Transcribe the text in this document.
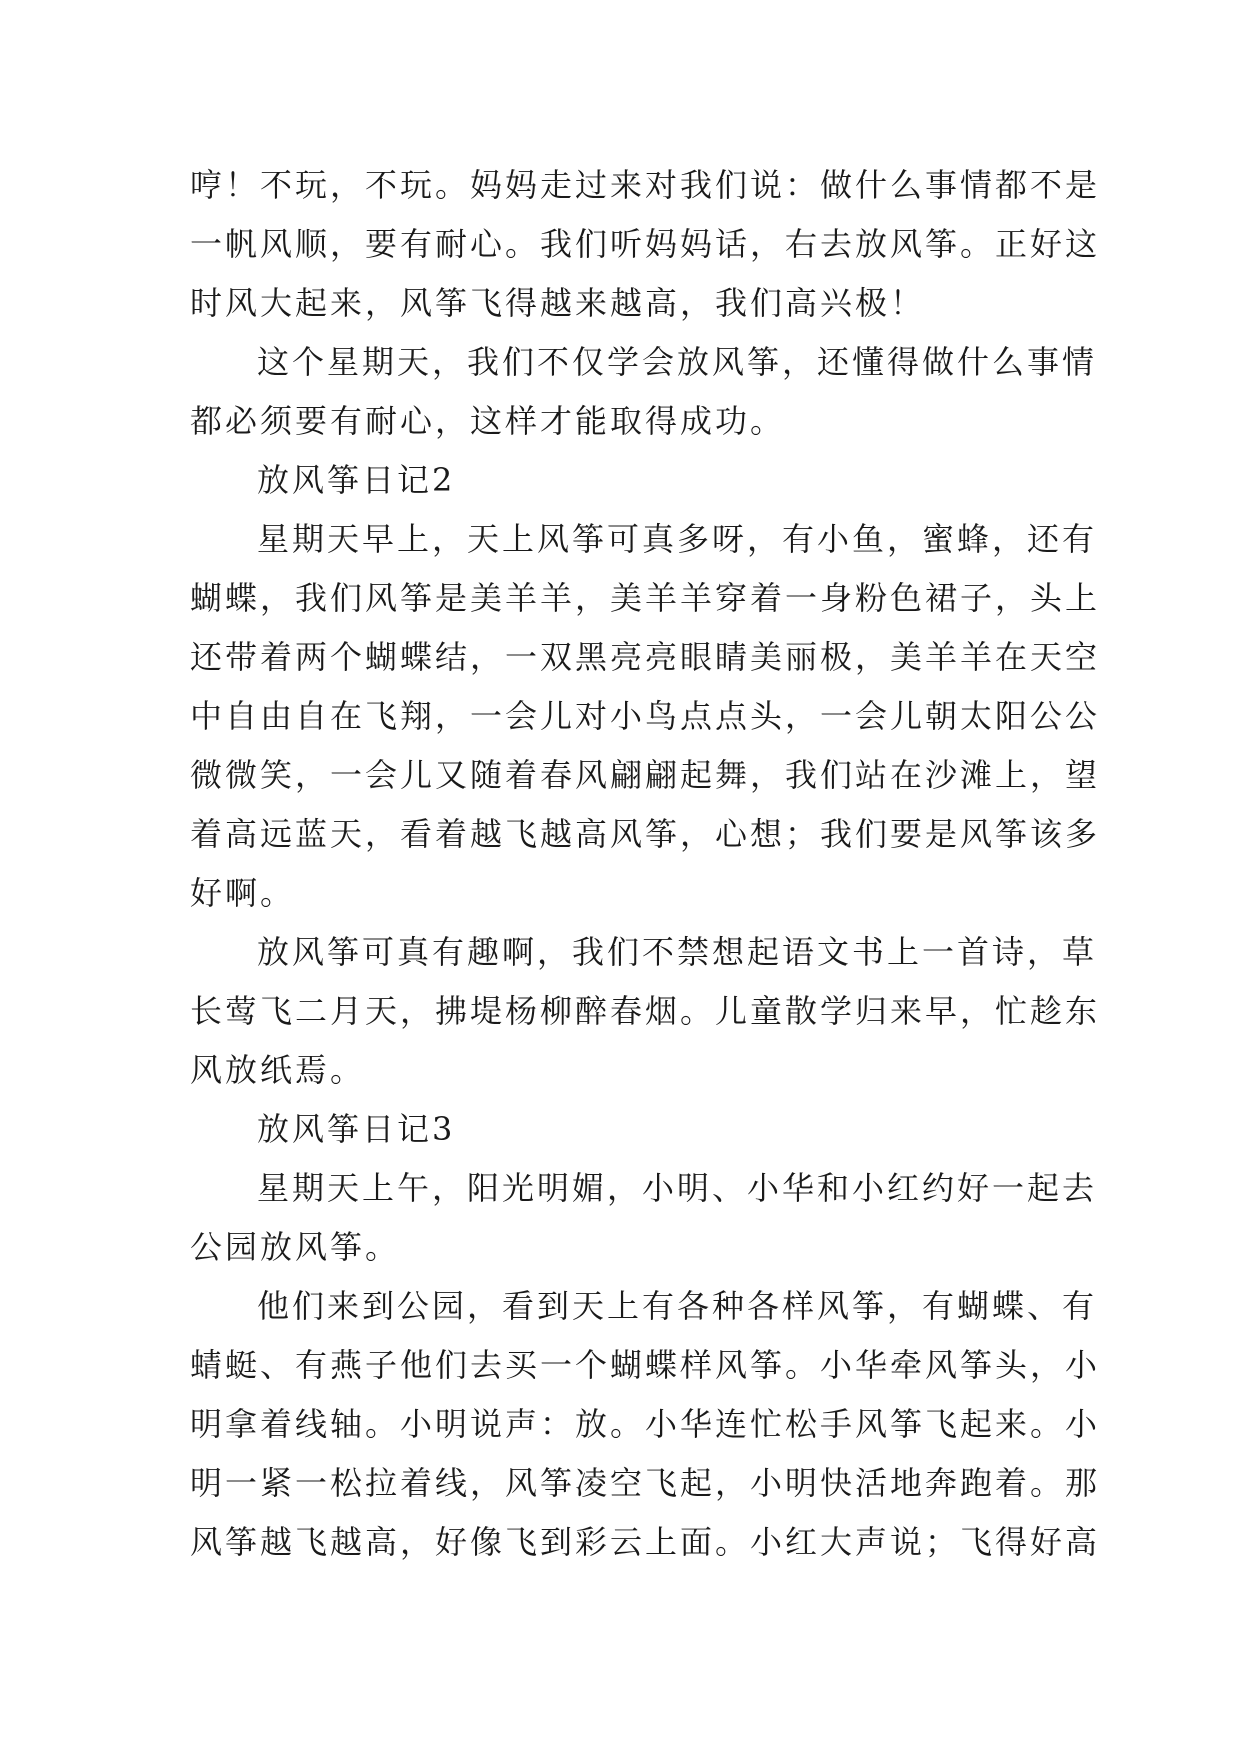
哼！不玩，不玩。妈妈走过来对我们说：做什么事情都不是

一帆风顺，要有耐心。我们听妈妈话，右去放风筝。正好这

时风大起来，风筝飞得越来越高，我们高兴极！

这个星期天，我们不仅学会放风筝，还懂得做什么事情

都必须要有耐心，这样才能取得成功。

放风筝日记2

星期天早上，天上风筝可真多呀，有小鱼，蜜蜂，还有

蝴蝶，我们风筝是美羊羊，美羊羊穿着一身粉色裙子，头上

还带着两个蝴蝶结，一双黑亮亮眼睛美丽极，美羊羊在天空

中自由自在飞翔，一会儿对小鸟点点头，一会儿朝太阳公公

微微笑，一会儿又随着春风翩翩起舞，我们站在沙滩上，望

着高远蓝天，看着越飞越高风筝，心想；我们要是风筝该多

好啊。

放风筝可真有趣啊，我们不禁想起语文书上一首诗，草

长莺飞二月天，拂堤杨柳醉春烟。儿童散学归来早，忙趁东

风放纸焉。

放风筝日记3

星期天上午，阳光明媚，小明、小华和小红约好一起去

公园放风筝。

他们来到公园，看到天上有各种各样风筝，有蝴蝶、有

蜻蜓、有燕子他们去买一个蝴蝶样风筝。小华牵风筝头，小

明拿着线轴。小明说声：放。小华连忙松手风筝飞起来。小

明一紧一松拉着线，风筝凌空飞起，小明快活地奔跑着。那

风筝越飞越高，好像飞到彩云上面。小红大声说；飞得好高
